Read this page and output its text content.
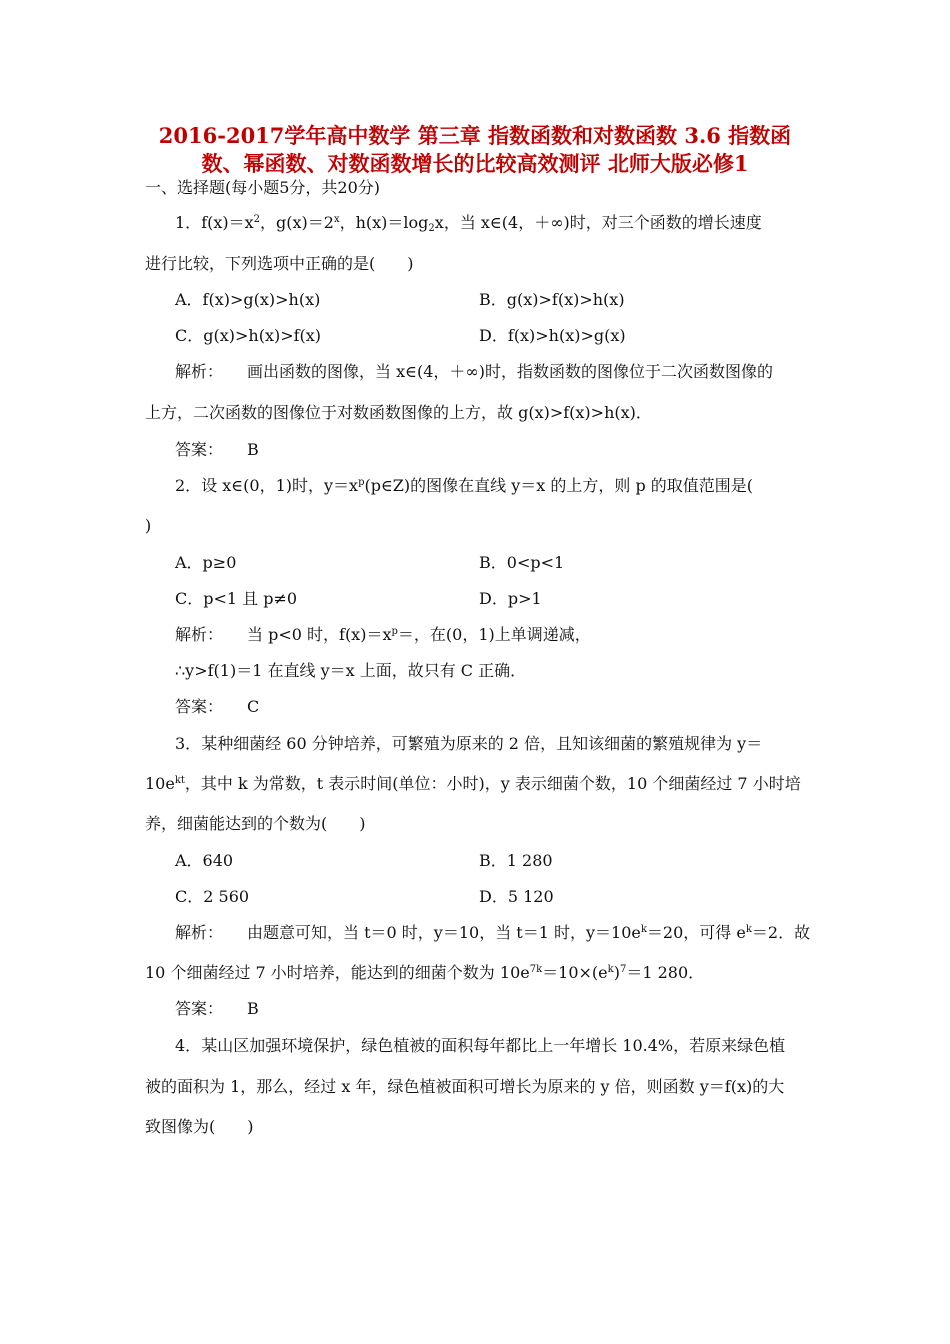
2016-2017学年高中数学 第三章 指数函数和对数函数 3.6 指数函
数、幂函数、对数函数增长的比较高效测评 北师大版必修1
一、选择题(每小题5分，共20分)
1．$f(x)=x^2$，$g(x)=2^x$，$h(x)=\log_2x$，当 x∈(4，＋∞)时，对三个函数的增长速度
进行比较，下列选项中正确的是(　　)
A．f(x)>g(x)>h(x)	B．g(x)>f(x)>h(x)
C．g(x)>h(x)>f(x)	D．f(x)>h(x)>g(x)
解析： 画出函数的图像，当 x∈(4，＋∞)时，指数函数的图像位于二次函数图像的
上方，二次函数的图像位于对数函数图像的上方，故 g(x)>f(x)>h(x)．
答案： B
2．设 x∈(0，1)时，$y=x^p(p\in Z)$的图像在直线 y＝x 的上方，则 p 的取值范围是(
)
A．p≥0	B．0<p<1
C．p<1 且 p≠0	D．p>1
解析： 当 p<0 时，$f(x)=x^p=$，在(0，1)上单调递减，
∴y>f(1)＝1 在直线 y＝x 上面，故只有 C 正确．
答案： C
3．某种细菌经 60 分钟培养，可繁殖为原来的 2 倍，且知该细菌的繁殖规律为 y＝
$10e^{kt}$，其中 k 为常数，t 表示时间(单位：小时)，y 表示细菌个数，10 个细菌经过 7 小时培
养，细菌能达到的个数为(　　)
A．640	B．1 280
C．2 560	D．5 120
解析： 由题意可知，当 t＝0 时，y＝10，当 t＝1 时，$y=10e^k=20$，可得 $e^k=2$．故
10 个细菌经过 7 小时培养，能达到的细菌个数为 $10e^{7k}=10\times(e^k)^7=1$ 280．
答案： B
4．某山区加强环境保护，绿色植被的面积每年都比上一年增长 10.4%，若原来绿色植
被的面积为 1，那么，经过 x 年，绿色植被面积可增长为原来的 y 倍，则函数 y＝f(x)的大
致图像为(　　)
